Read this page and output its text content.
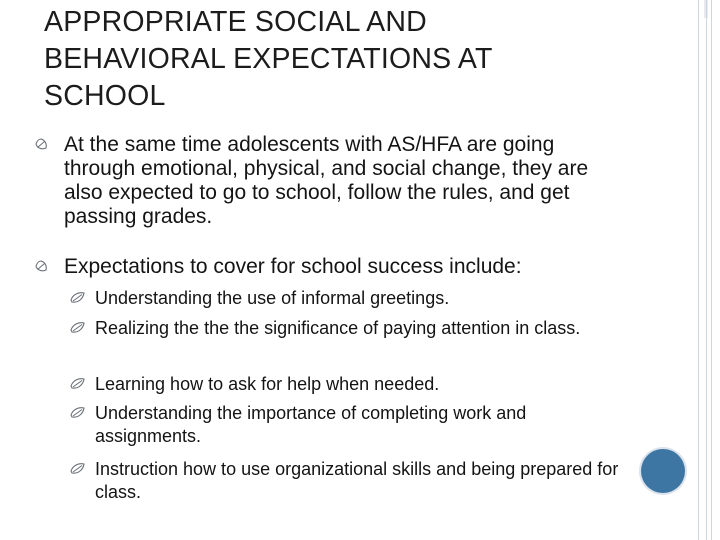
APPROPRIATE SOCIAL AND BEHAVIORAL EXPECTATIONS AT SCHOOL
At the same time adolescents with AS/HFA are going through emotional, physical, and social change, they are also expected to go to school, follow the rules, and get passing grades.
Expectations to cover for school success include:
Understanding the use of informal greetings.
Realizing the the the significance of paying attention in class.
Learning how to ask for help when needed.
Understanding the importance of completing work and assignments.
Instruction how to use organizational skills and being prepared for class.
